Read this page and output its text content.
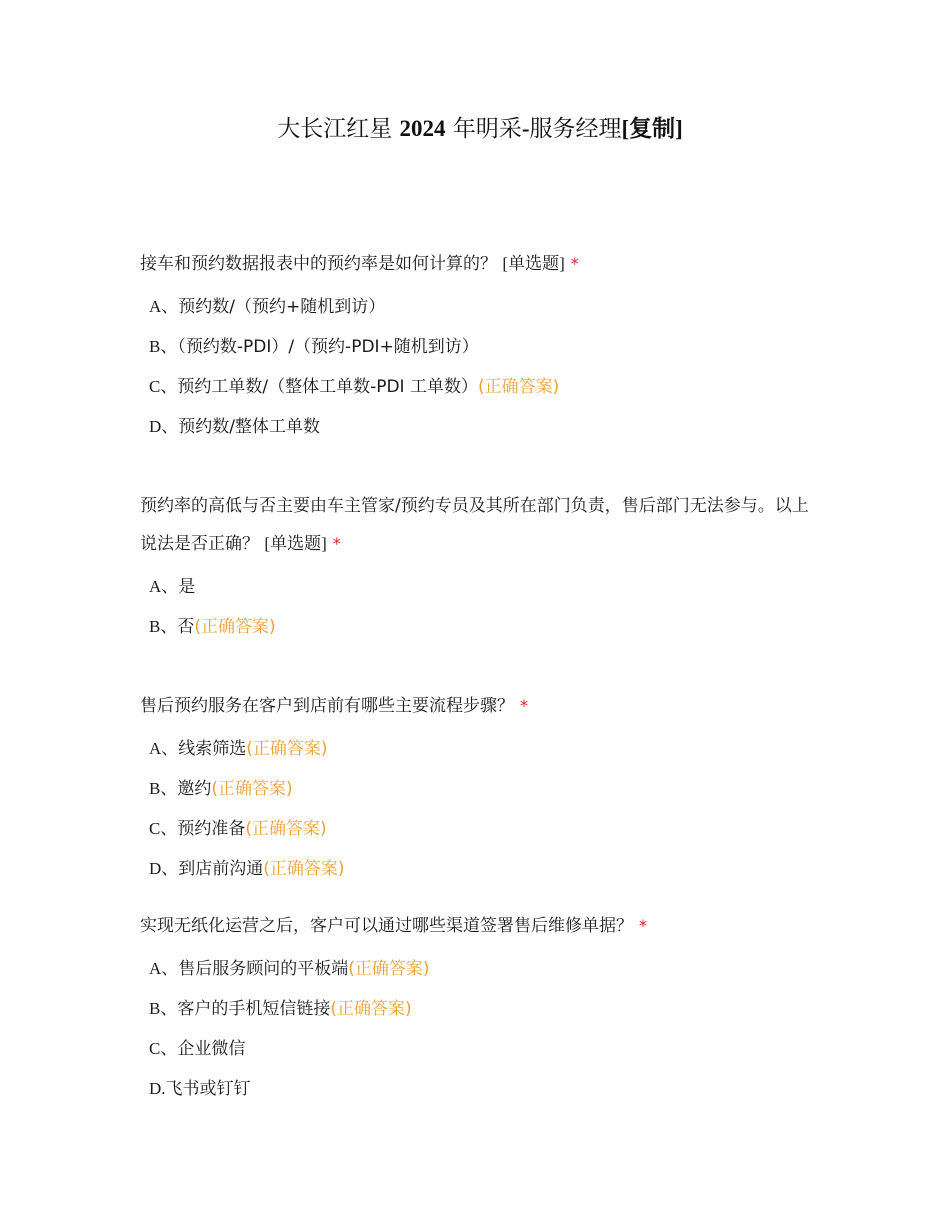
大长江红星 2024 年明采-服务经理[复制]
接车和预约数据报表中的预约率是如何计算的？ [单选题] *
A、预约数/（预约+随机到访）
B、（预约数-PDI）/（预约-PDI+随机到访）
C、预约工单数/（整体工单数-PDI 工单数）(正确答案)
D、预约数/整体工单数
预约率的高低与否主要由车主管家/预约专员及其所在部门负责，售后部门无法参与。以上说法是否正确？ [单选题] *
A、是
B、否(正确答案)
售后预约服务在客户到店前有哪些主要流程步骤？ *
A、线索筛选(正确答案)
B、邀约(正确答案)
C、预约准备(正确答案)
D、到店前沟通(正确答案)
实现无纸化运营之后，客户可以通过哪些渠道签署售后维修单据？ *
A、售后服务顾问的平板端(正确答案)
B、客户的手机短信链接(正确答案)
C、企业微信
D.飞书或钉钉
